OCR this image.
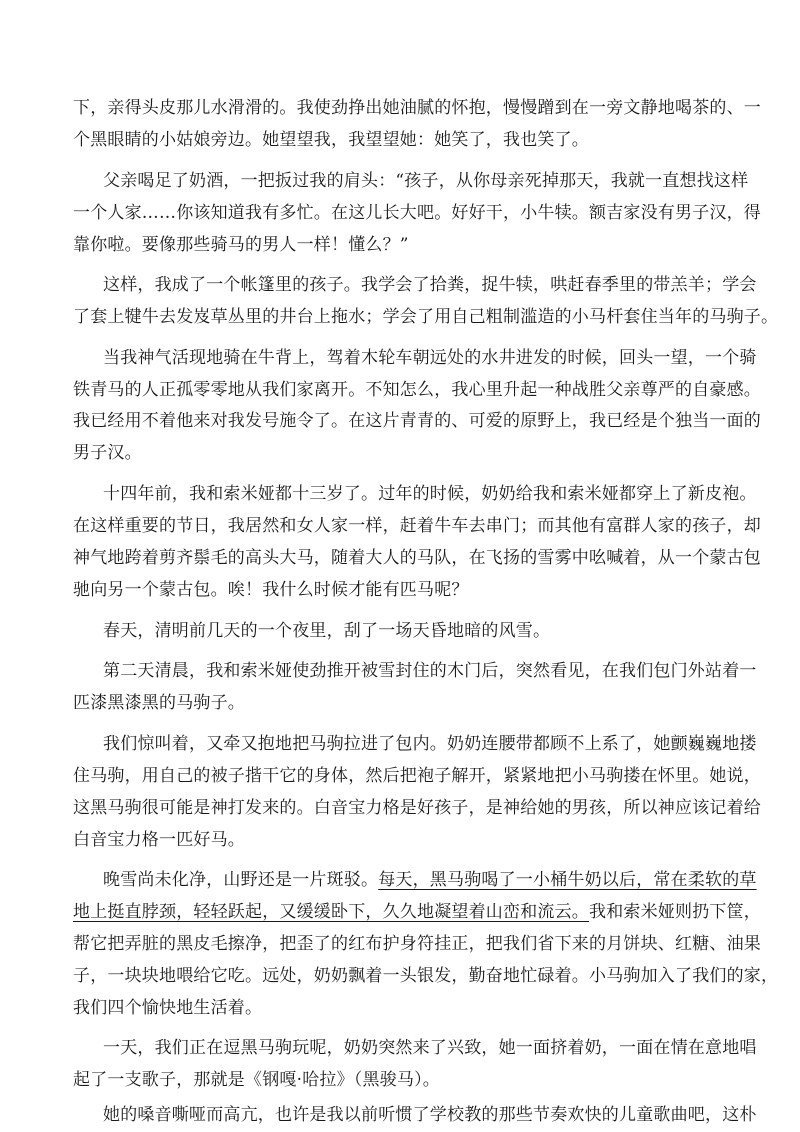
下，亲得头皮那儿水滑滑的。我使劲挣出她油腻的怀抱，慢慢蹭到在一旁文静地喝茶的、一
个黑眼睛的小姑娘旁边。她望望我，我望望她：她笑了，我也笑了。
父亲喝足了奶酒，一把扳过我的肩头：“孩子，从你母亲死掉那天，我就一直想找这样
一个人家……你该知道我有多忙。在这儿长大吧。好好干，小牛犊。额吉家没有男子汉，得
靠你啦。要像那些骑马的男人一样！懂么？”
这样，我成了一个帐篷里的孩子。我学会了拾粪，捉牛犊，哄赶春季里的带羔羊；学会
了套上犍牛去发岌草丛里的井台上拖水；学会了用自己粗制滥造的小马杆套住当年的马驹子。
当我神气活现地骑在牛背上，驾着木轮车朝远处的水井进发的时候，回头一望，一个骑
铁青马的人正孤零零地从我们家离开。不知怎么，我心里升起一种战胜父亲尊严的自豪感。
我已经用不着他来对我发号施令了。在这片青青的、可爱的原野上，我已经是个独当一面的
男子汉。
十四年前，我和索米娅都十三岁了。过年的时候，奶奶给我和索米娅都穿上了新皮袍。
在这样重要的节日，我居然和女人家一样，赶着牛车去串门；而其他有富群人家的孩子，却
神气地跨着剪齐鬃毛的高头大马，随着大人的马队，在飞扬的雪雾中吆喊着，从一个蒙古包
驰向另一个蒙古包。唉！我什么时候才能有匹马呢？
春天，清明前几天的一个夜里，刮了一场天昏地暗的风雪。
第二天清晨，我和索米娅使劲推开被雪封住的木门后，突然看见，在我们包门外站着一
匹漆黑漆黑的马驹子。
我们惊叫着，又牵又抱地把马驹拉进了包内。奶奶连腰带都顾不上系了，她颤巍巍地搂
住马驹，用自己的被子揩干它的身体，然后把袍子解开，紧紧地把小马驹搂在怀里。她说，
这黑马驹很可能是神打发来的。白音宝力格是好孩子，是神给她的男孩，所以神应该记着给
白音宝力格一匹好马。
晚雪尚未化净，山野还是一片斑驳。每天，黑马驹喝了一小桶牛奶以后，常在柔软的草
地上挺直脖颈，轻轻跃起，又缓缓卧下，久久地凝望着山峦和流云。我和索米娅则扔下筐，
帮它把弄脏的黑皮毛擦净，把歪了的红布护身符挂正，把我们省下来的月饼块、红糖、油果
子，一块块地喂给它吃。远处，奶奶飘着一头银发，勤奋地忙碌着。小马驹加入了我们的家，
我们四个愉快地生活着。
一天，我们正在逗黑马驹玩呢，奶奶突然来了兴致，她一面挤着奶，一面在情在意地唱
起了一支歌子，那就是《钢嘎·哈拉》（黑骏马）。
她的嗓音嘶哑而高亢，也许是我以前听惯了学校教的那些节奏欢快的儿童歌曲吧，这朴
